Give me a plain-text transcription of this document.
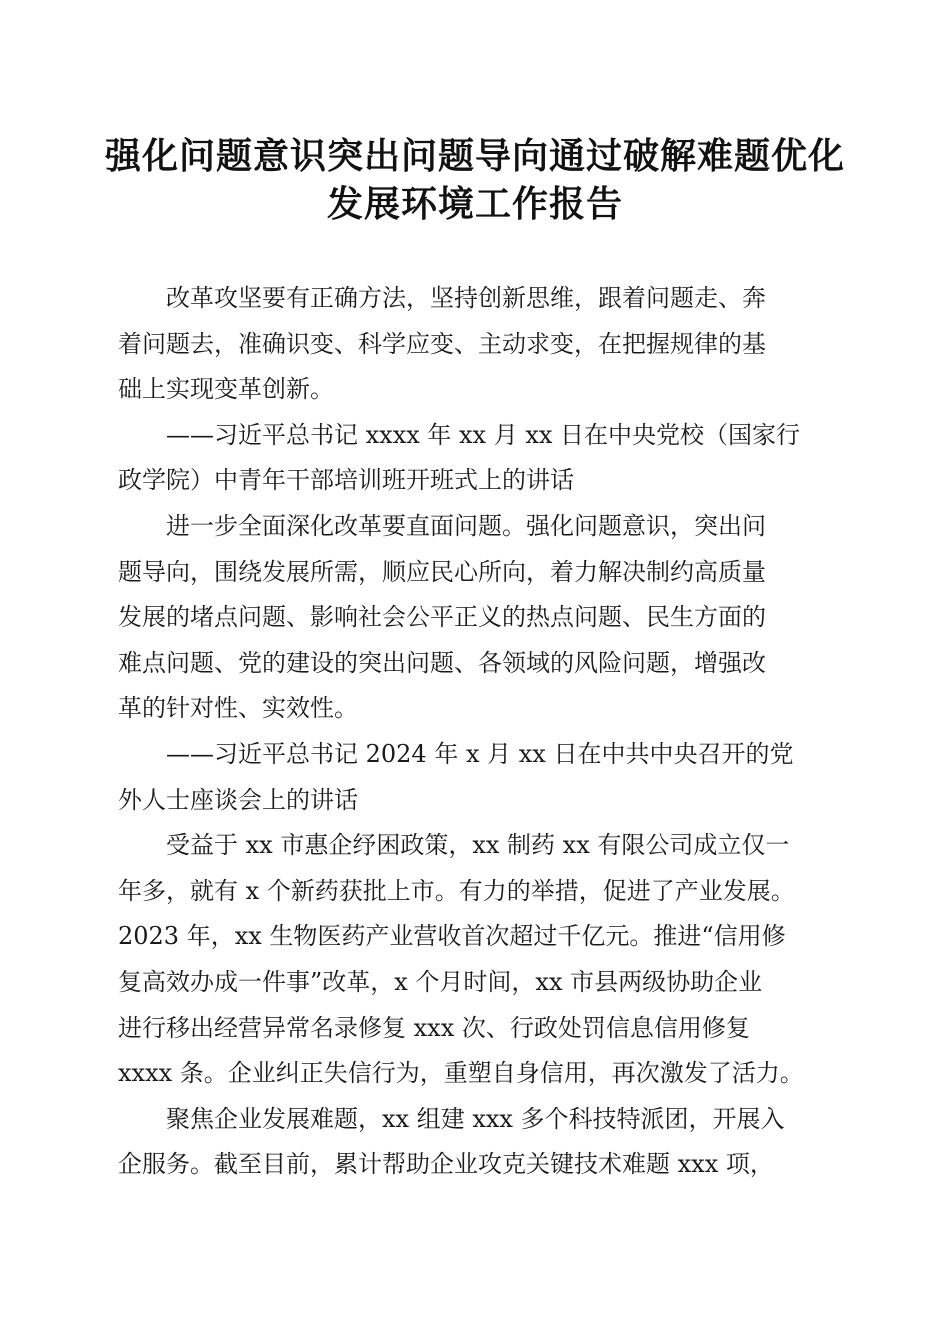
强化问题意识突出问题导向通过破解难题优化
发展环境工作报告
改革攻坚要有正确方法，坚持创新思维，跟着问题走、奔
着问题去，准确识变、科学应变、主动求变，在把握规律的基
础上实现变革创新。
——习近平总书记 xxxx 年 xx 月 xx 日在中央党校（国家行
政学院）中青年干部培训班开班式上的讲话
进一步全面深化改革要直面问题。强化问题意识，突出问
题导向，围绕发展所需，顺应民心所向，着力解决制约高质量
发展的堵点问题、影响社会公平正义的热点问题、民生方面的
难点问题、党的建设的突出问题、各领域的风险问题，增强改
革的针对性、实效性。
——习近平总书记 2024 年 x 月 xx 日在中共中央召开的党
外人士座谈会上的讲话
受益于 xx 市惠企纾困政策，xx 制药 xx 有限公司成立仅一
年多，就有 x 个新药获批上市。有力的举措，促进了产业发展。
2023 年，xx 生物医药产业营收首次超过千亿元。推进“信用修
复高效办成一件事”改革，x 个月时间，xx 市县两级协助企业
进行移出经营异常名录修复 xxx 次、行政处罚信息信用修复
xxxx 条。企业纠正失信行为，重塑自身信用，再次激发了活力。
聚焦企业发展难题，xx 组建 xxx 多个科技特派团，开展入
企服务。截至目前，累计帮助企业攻克关键技术难题 xxx 项，
